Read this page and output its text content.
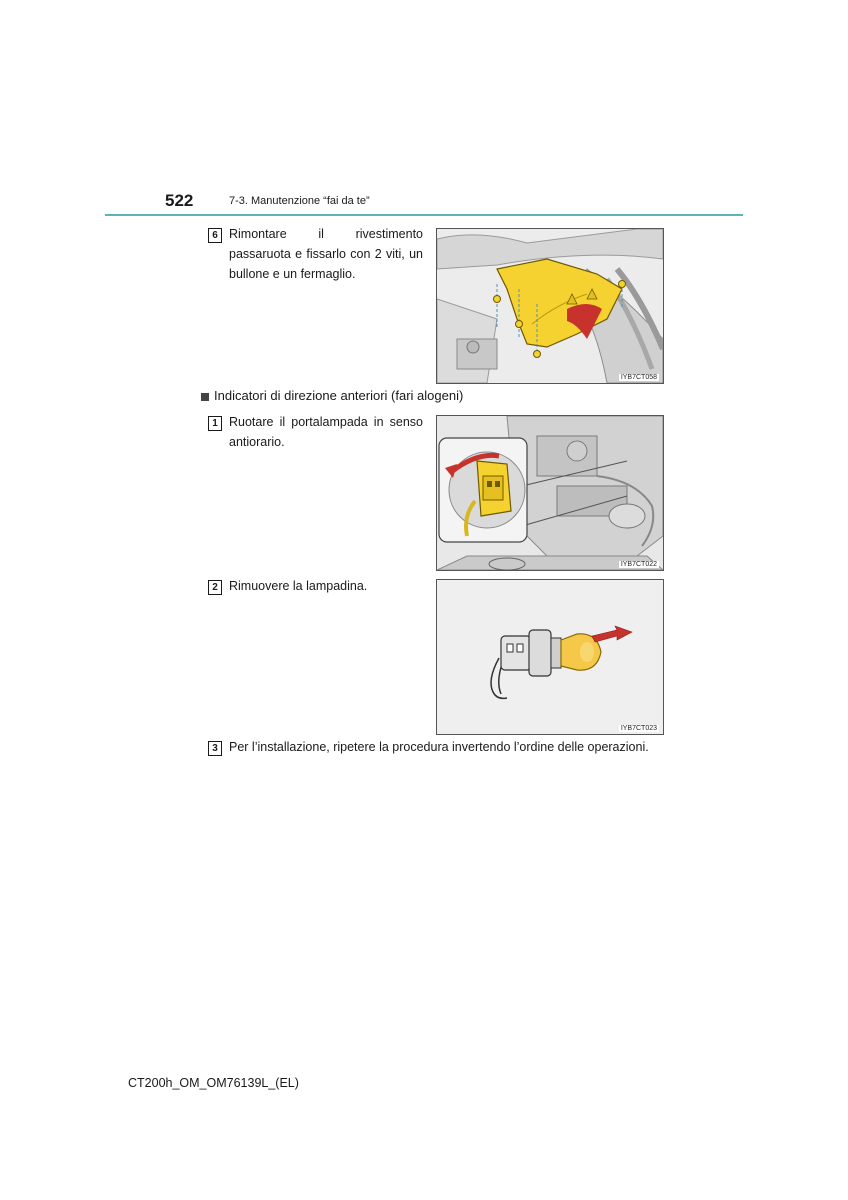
522	7-3. Manutenzione “fai da te”
6 Rimontare il rivestimento passaruota e fissarlo con 2 viti, un bullone e un fermaglio.
IYB7CT058
Indicatori di direzione anteriori (fari alogeni)
1 Ruotare il portalampada in senso antiorario.
IYB7CT022
2 Rimuovere la lampadina.
IYB7CT023
3 Per l’installazione, ripetere la procedura invertendo l’ordine delle operazioni.
CT200h_OM_OM76139L_(EL)
